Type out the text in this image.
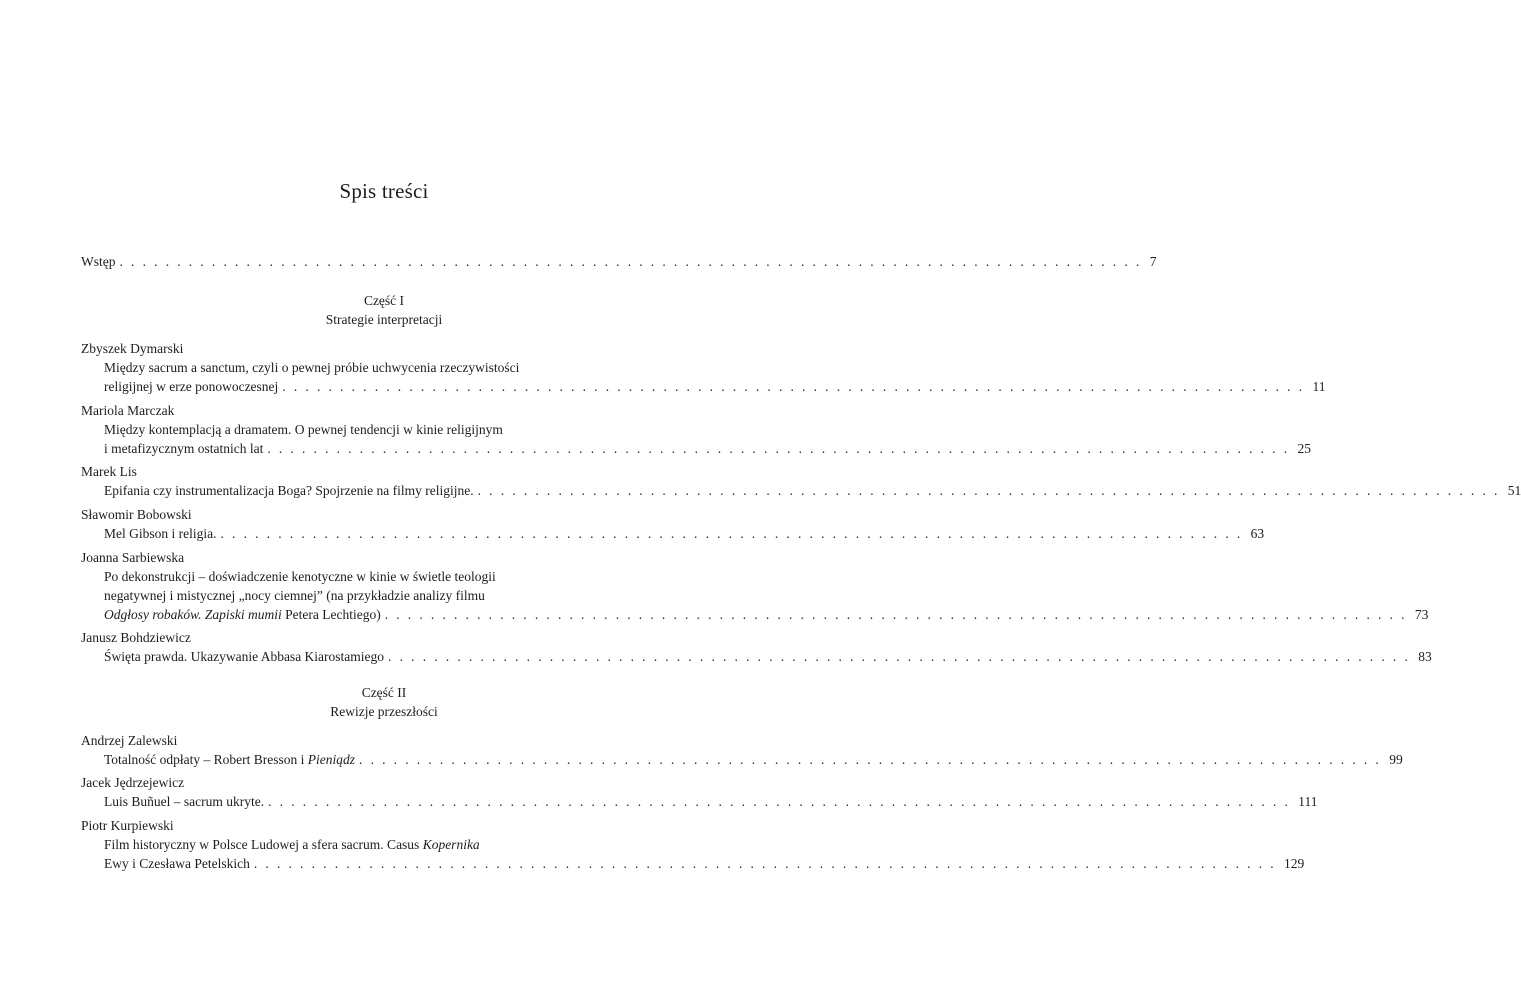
Spis treści
Wstęp . . . . . . . . . . . . . . . . . . . . . . . . . . . . . . . . . . . . . . . . . . . . . . . . . . . . . . . . . . . . . . . . . . . . . . . . . . . . . . . . . . . . . . . . . 7
Część I
Strategie interpretacji
Zbyszek Dymarski
Między sacrum a sanctum, czyli o pewnej próbie uchwycenia rzeczywistości
religijnej w erze ponowoczesnej . . . . . . . . . . . . . . . . . . . . . . . . . . . . . . . . . . . . . . . . . . . . . . . . . . . . . . . . . . . . . . . . . . . . . . . . . . . . . . . . . . . . . . . . . 11
Mariola Marczak
Między kontemplacją a dramatem. O pewnej tendencji w kinie religijnym
i metafizycznym ostatnich lat . . . . . . . . . . . . . . . . . . . . . . . . . . . . . . . . . . . . . . . . . . . . . . . . . . . . . . . . . . . . . . . . . . . . . . . . . . . . . . . . . . . . . . . . . 25
Marek Lis
Epifania czy instrumentalizacja Boga? Spojrzenie na filmy religijne. . . . . . . . . . . . . . . . . . . . . . . . . . . . . . . . . . . . . . . . . . . . . . . . . . . . . . . . . . . . . . . . . . . . . . . . . . . . . . . . . . . . . . . . . . 51
Sławomir Bobowski
Mel Gibson i religia. . . . . . . . . . . . . . . . . . . . . . . . . . . . . . . . . . . . . . . . . . . . . . . . . . . . . . . . . . . . . . . . . . . . . . . . . . . . . . . . . . . . . . . . . . 63
Joanna Sarbiewska
Po dekonstrukcji – doświadczenie kenotyczne w kinie w świetle teologii
negatywnej i mistycznej „nocy ciemnej” (na przykładzie analizy filmu
Odgłosy robaków. Zapiski mumii Petera Lechtiego) . . . . . . . . . . . . . . . . . . . . . . . . . . . . . . . . . . . . . . . . . . . . . . . . . . . . . . . . . . . . . . . . . . . . . . . . . . . . . . . . . . . . . . . . . 73
Janusz Bohdziewicz
Święta prawda. Ukazywanie Abbasa Kiarostamiego . . . . . . . . . . . . . . . . . . . . . . . . . . . . . . . . . . . . . . . . . . . . . . . . . . . . . . . . . . . . . . . . . . . . . . . . . . . . . . . . . . . . . . . . . 83
Część II
Rewizje przeszłości
Andrzej Zalewski
Totalność odpłaty – Robert Bresson i Pieniądz . . . . . . . . . . . . . . . . . . . . . . . . . . . . . . . . . . . . . . . . . . . . . . . . . . . . . . . . . . . . . . . . . . . . . . . . . . . . . . . . . . . . . . . . . 99
Jacek Jędrzejewicz
Luis Buñuel – sacrum ukryte. . . . . . . . . . . . . . . . . . . . . . . . . . . . . . . . . . . . . . . . . . . . . . . . . . . . . . . . . . . . . . . . . . . . . . . . . . . . . . . . . . . . . . . . . . 111
Piotr Kurpiewski
Film historyczny w Polsce Ludowej a sfera sacrum. Casus Kopernika
Ewy i Czesława Petelskich . . . . . . . . . . . . . . . . . . . . . . . . . . . . . . . . . . . . . . . . . . . . . . . . . . . . . . . . . . . . . . . . . . . . . . . . . . . . . . . . . . . . . . . . . 129
